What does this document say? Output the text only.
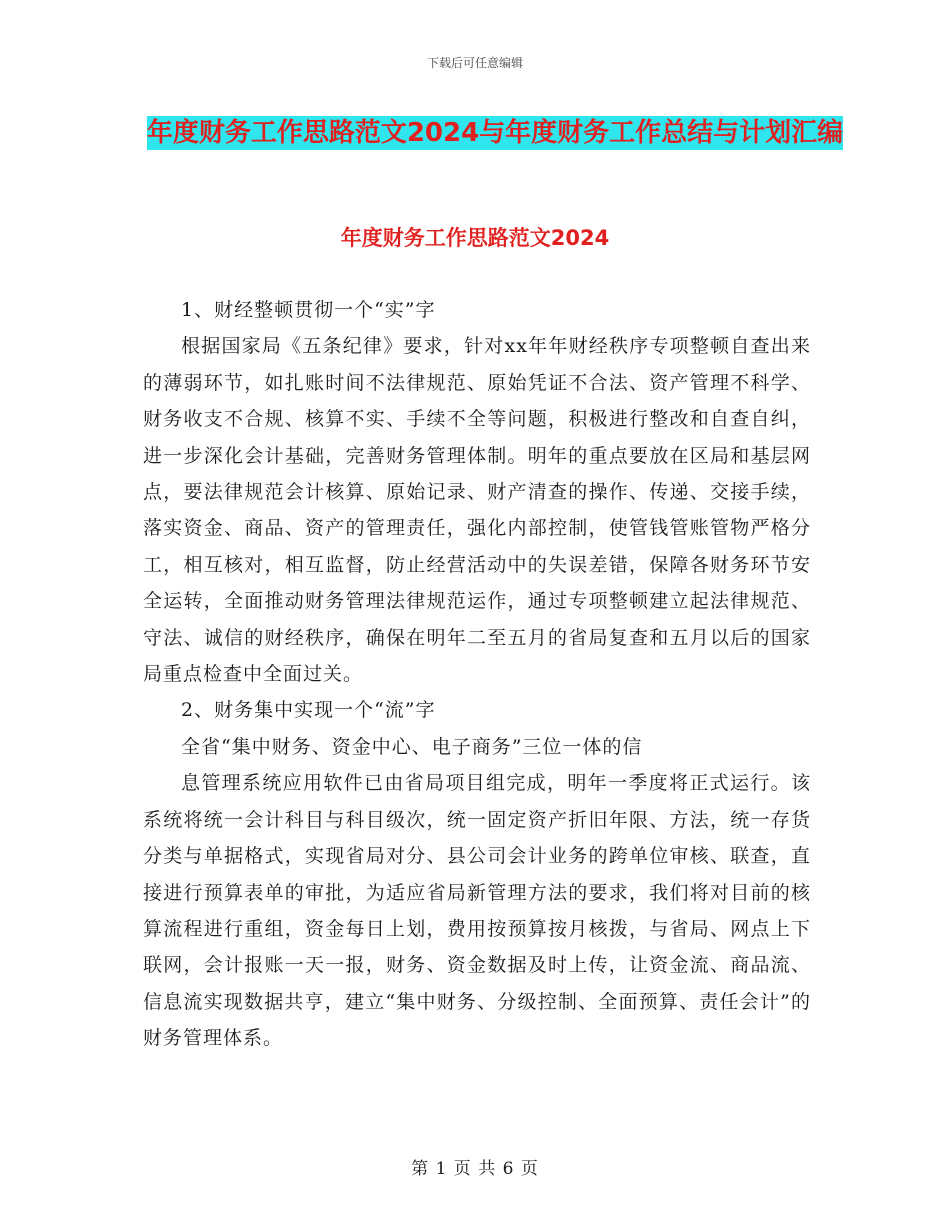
下载后可任意编辑
年度财务工作思路范文2024与年度财务工作总结与计划汇编
年度财务工作思路范文2024

1、财经整顿贯彻一个“实”字

根据国家局《五条纪律》要求，针对xx年年财经秩序专项整顿自查出来的薄弱环节，如扎账时间不法律规范、原始凭证不合法、资产管理不科学、财务收支不合规、核算不实、手续不全等问题，积极进行整改和自查自纠，进一步深化会计基础，完善财务管理体制。明年的重点要放在区局和基层网点，要法律规范会计核算、原始记录、财产清查的操作、传递、交接手续，落实资金、商品、资产的管理责任，强化内部控制，使管钱管账管物严格分工，相互核对，相互监督，防止经营活动中的失误差错，保障各财务环节安全运转，全面推动财务管理法律规范运作，通过专项整顿建立起法律规范、守法、诚信的财经秩序，确保在明年二至五月的省局复查和五月以后的国家局重点检查中全面过关。

2、财务集中实现一个“流”字

全省“集中财务、资金中心、电子商务”三位一体的信

息管理系统应用软件已由省局项目组完成，明年一季度将正式运行。该系统将统一会计科目与科目级次，统一固定资产折旧年限、方法，统一存货分类与单据格式，实现省局对分、县公司会计业务的跨单位审核、联查，直接进行预算表单的审批，为适应省局新管理方法的要求，我们将对目前的核算流程进行重组，资金每日上划，费用按预算按月核拨，与省局、网点上下联网，会计报账一天一报，财务、资金数据及时上传，让资金流、商品流、信息流实现数据共亨，建立“集中财务、分级控制、全面预算、责任会计”的财务管理体系。

第 1 页 共 6 页
